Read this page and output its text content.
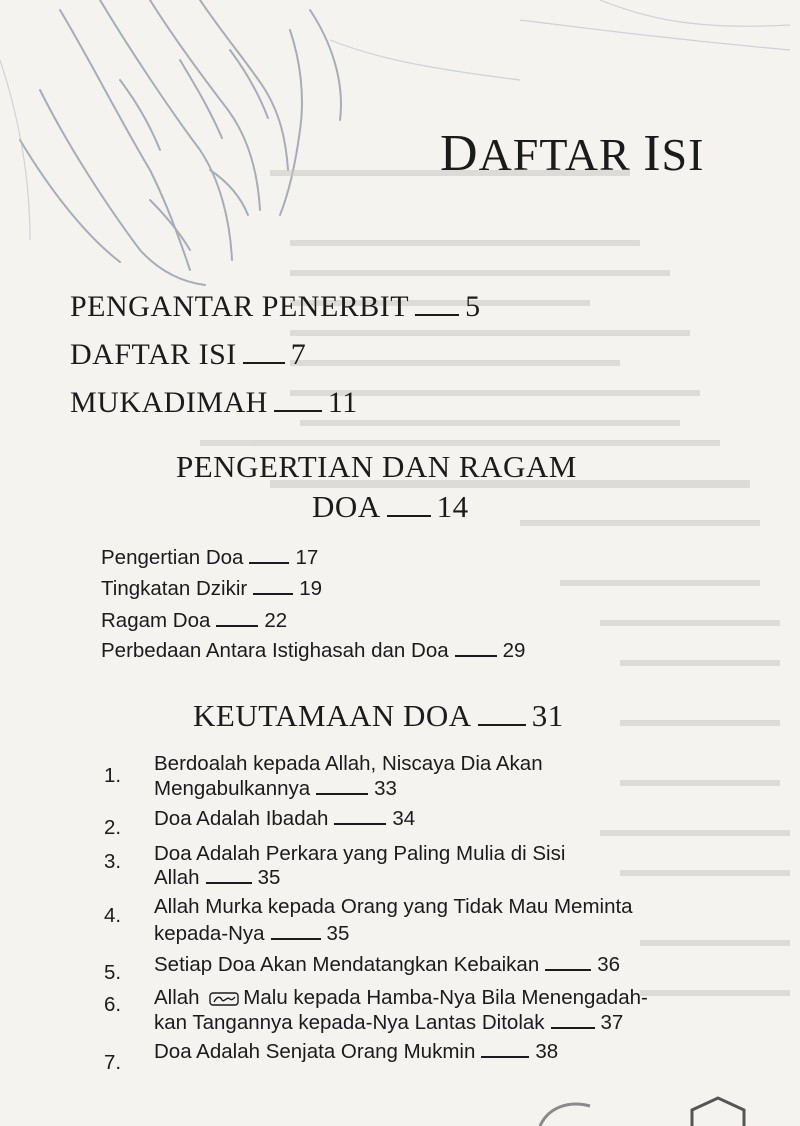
DAFTAR ISI
PENGANTAR PENERBIT 5
DAFTAR ISI 7
MUKADIMAH 11
PENGERTIAN DAN RAGAM
DOA 14
Pengertian Doa	17
Tingkatan Dzikir	19
Ragam Doa	22
Perbedaan Antara Istighasah dan Doa	29
KEUTAMAAN DOA 31
1.
Berdoalah kepada Allah, Niscaya Dia Akan
Mengabulkannya	33
2. Doa Adalah Ibadah	34
3. Doa Adalah Perkara yang Paling Mulia di Sisi
Allah	35
4. Allah Murka kepada Orang yang Tidak Mau Meminta
kepada-Nya	35
5. Setiap Doa Akan Mendatangkan Kebaikan	36
6. Allah Malu kepada Hamba-Nya Bila Menengadah-
kan Tangannya kepada-Nya Lantas Ditolak	37
7. Doa Adalah Senjata Orang Mukmin	38
